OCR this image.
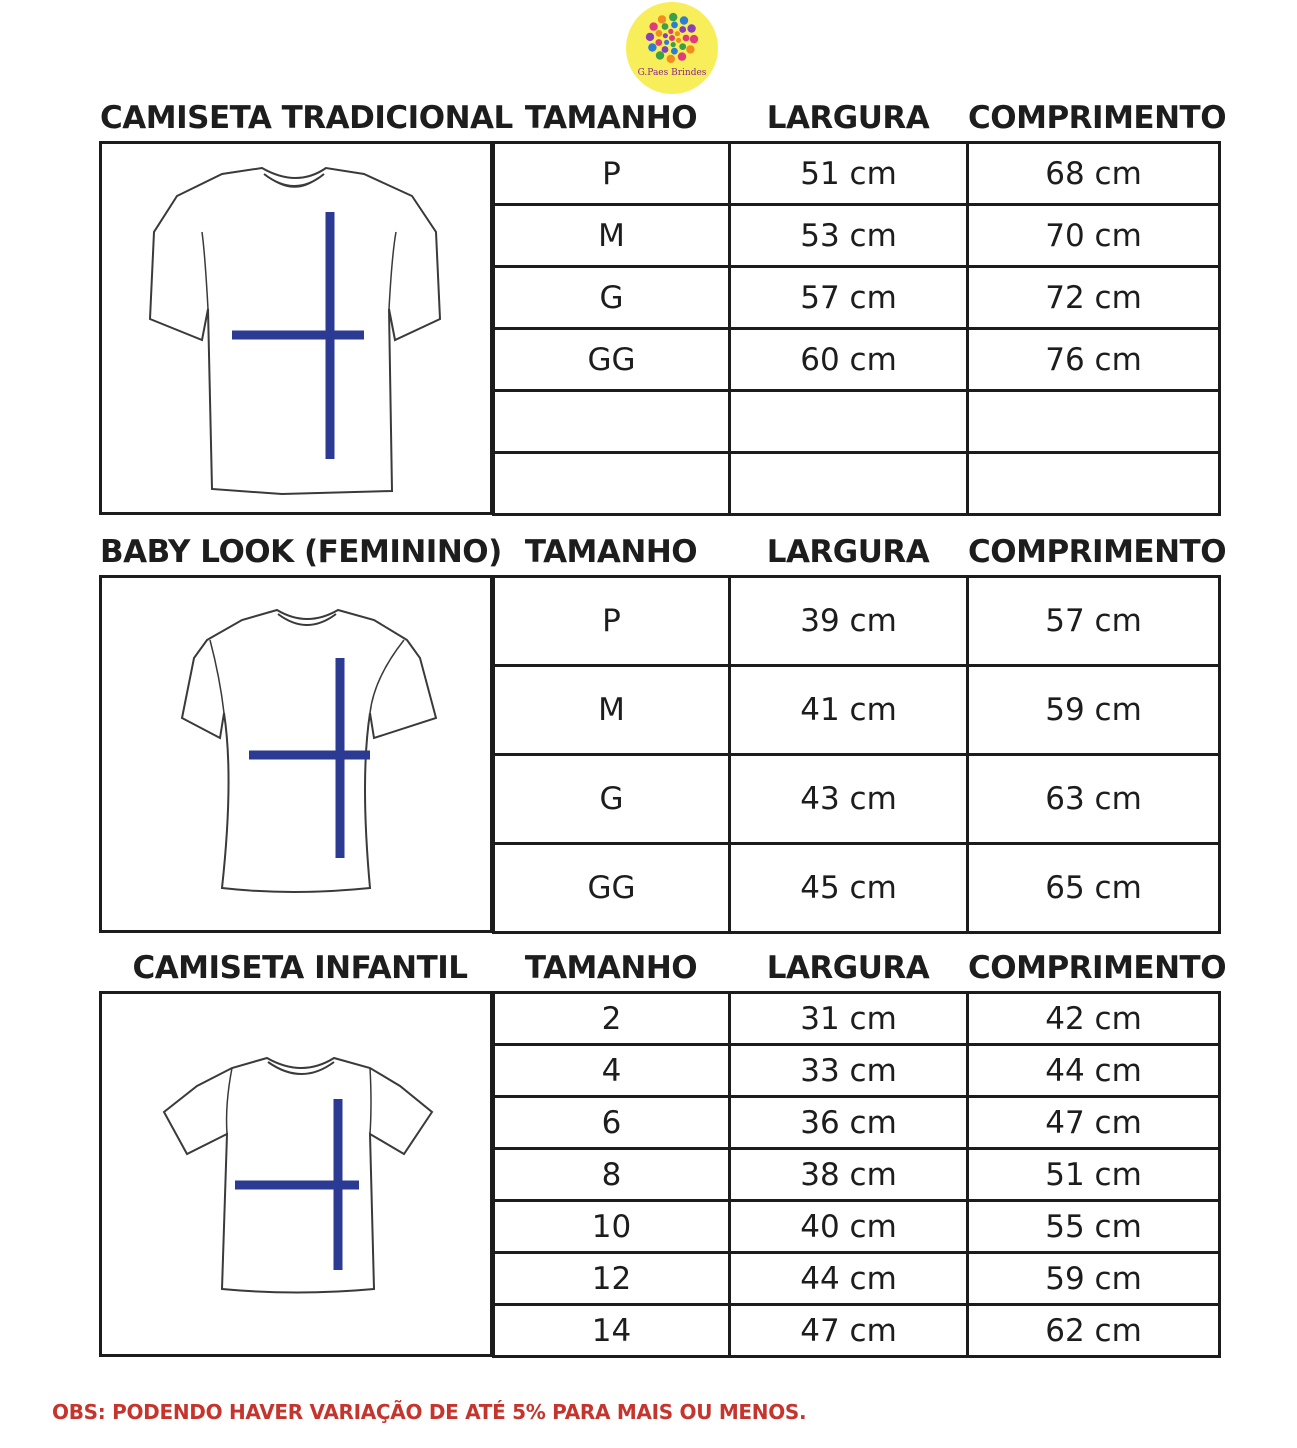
G.Paes Brindes
CAMISETA TRADICIONAL TAMANHO	LARGURA	COMPRIMENTO
P	51 cm	68 cm
M	53 cm	70 cm
G	57 cm	72 cm
GG	60 cm	76 cm

BABY LOOK (FEMININO) TAMANHO	LARGURA	COMPRIMENTO
P	39 cm	57 cm
M	41 cm	59 cm
G	43 cm	63 cm
GG	45 cm	65 cm
CAMISETA INFANTIL	TAMANHO	LARGURA	COMPRIMENTO
2	31 cm	42 cm
4	33 cm	44 cm
6	36 cm	47 cm
8	38 cm	51 cm
10	40 cm	55 cm
12	44 cm	59 cm
14	47 cm	62 cm
OBS: PODENDO HAVER VARIAÇÃO DE ATÉ 5% PARA MAIS OU MENOS.
